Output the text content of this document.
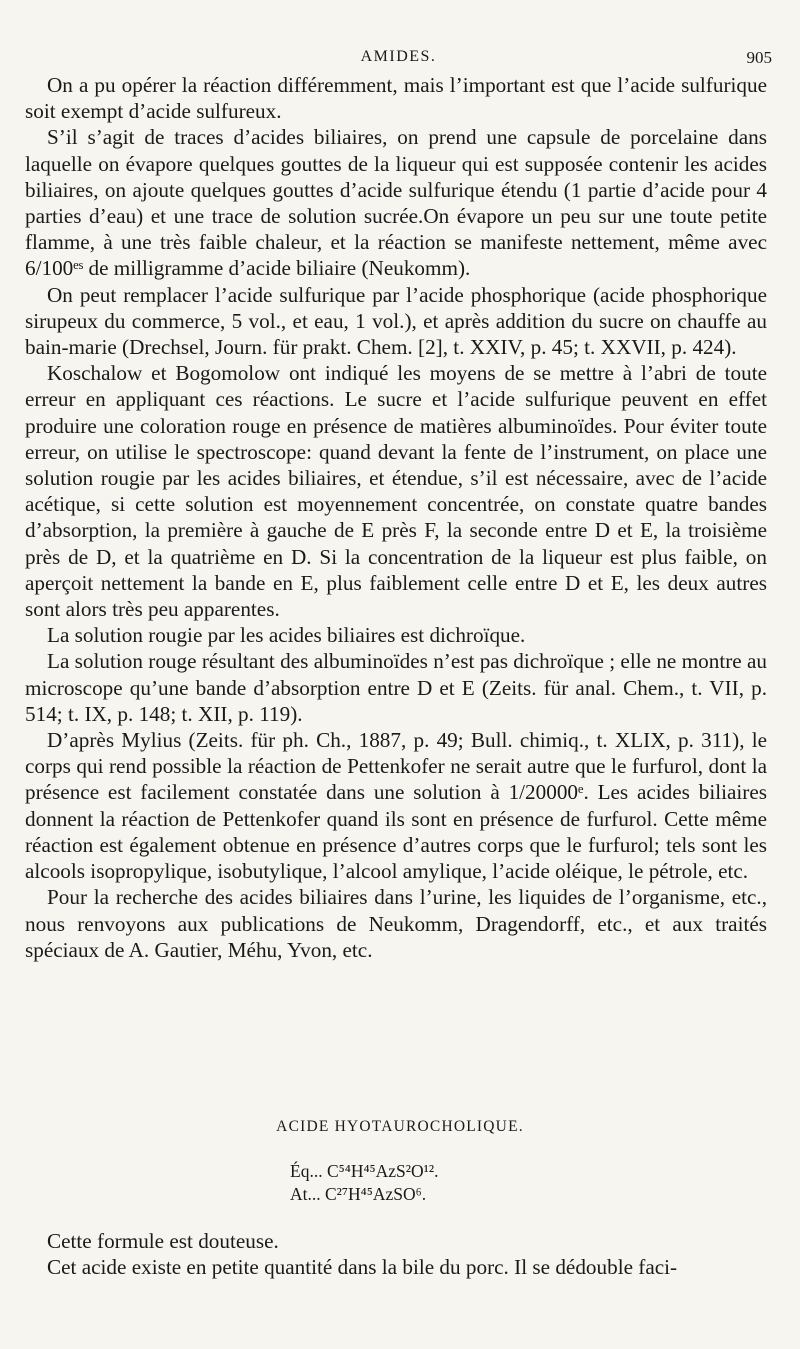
AMIDES.	905

On a pu opérer la réaction différemment, mais l’important est que l’acide sulfurique soit exempt d’acide sulfureux.

S’il s’agit de traces d’acides biliaires, on prend une capsule de porcelaine dans laquelle on évapore quelques gouttes de la liqueur qui est supposée contenir les acides biliaires, on ajoute quelques gouttes d’acide sulfurique étendu (1 partie d’acide pour 4 parties d’eau) et une trace de solution sucrée.On évapore un peu sur une toute petite flamme, à une très faible chaleur, et la réaction se manifeste nettement, même avec 6/100ᵉˢ de milligramme d’acide biliaire (Neukomm).

On peut remplacer l’acide sulfurique par l’acide phosphorique (acide phosphorique sirupeux du commerce, 5 vol., et eau, 1 vol.), et après addition du sucre on chauffe au bain-marie (Drechsel, Journ. für prakt. Chem. [2], t. XXIV, p. 45; t. XXVII, p. 424).

Koschalow et Bogomolow ont indiqué les moyens de se mettre à l’abri de toute erreur en appliquant ces réactions. Le sucre et l’acide sulfurique peuvent en effet produire une coloration rouge en présence de matières albuminoïdes. Pour éviter toute erreur, on utilise le spectroscope: quand devant la fente de l’instrument, on place une solution rougie par les acides biliaires, et étendue, s’il est nécessaire, avec de l’acide acétique, si cette solution est moyennement concentrée, on constate quatre bandes d’absorption, la première à gauche de E près F, la seconde entre D et E, la troisième près de D, et la quatrième en D. Si la concentration de la liqueur est plus faible, on aperçoit nettement la bande en E, plus faiblement celle entre D et E, les deux autres sont alors très peu apparentes.

La solution rougie par les acides biliaires est dichroïque.

La solution rouge résultant des albuminoïdes n’est pas dichroïque ; elle ne montre au microscope qu’une bande d’absorption entre D et E (Zeits. für anal. Chem., t. VII, p. 514; t. IX, p. 148; t. XII, p. 119).

D’après Mylius (Zeits. für ph. Ch., 1887, p. 49; Bull. chimiq., t. XLIX, p. 311), le corps qui rend possible la réaction de Pettenkofer ne serait autre que le furfurol, dont la présence est facilement constatée dans une solution à 1/20000ᵉ. Les acides biliaires donnent la réaction de Pettenkofer quand ils sont en présence de furfurol. Cette même réaction est également obtenue en présence d’autres corps que le furfurol; tels sont les alcools isopropylique, isobutylique, l’alcool amylique, l’acide oléique, le pétrole, etc.

Pour la recherche des acides biliaires dans l’urine, les liquides de l’organisme, etc., nous renvoyons aux publications de Neukomm, Dragendorff, etc., et aux traités spéciaux de A. Gautier, Méhu, Yvon, etc.

ACIDE HYOTAUROCHOLIQUE.
Éq... C⁵⁴H⁴⁵AzS²O¹².
At... C²⁷H⁴⁵AzSO⁶.

Cette formule est douteuse.

Cet acide existe en petite quantité dans la bile du porc. Il se dédouble faci-
